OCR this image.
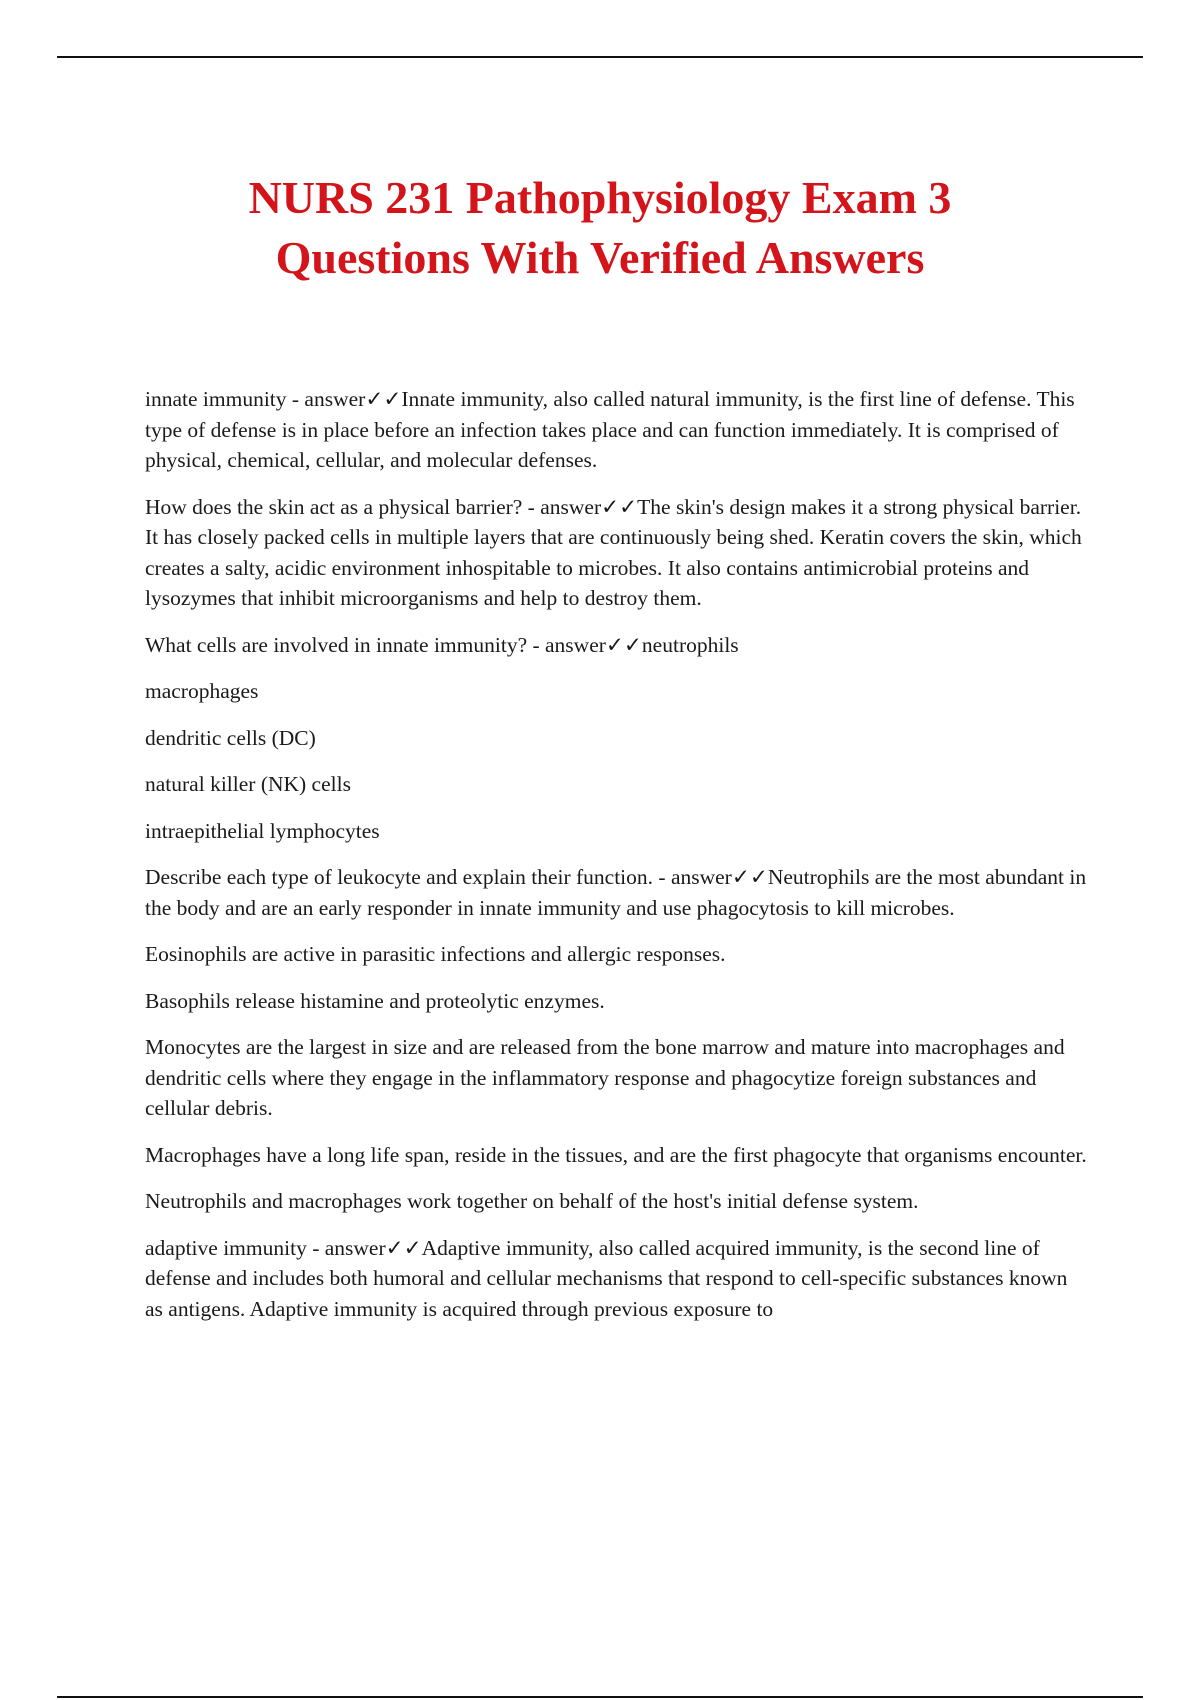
NURS 231 Pathophysiology Exam 3
Questions With Verified Answers

innate immunity - answer✓✓Innate immunity, also called natural immunity, is the first line of defense. This type of defense is in place before an infection takes place and can function immediately. It is comprised of physical, chemical, cellular, and molecular defenses.

How does the skin act as a physical barrier? - answer✓✓The skin's design makes it a strong physical barrier. It has closely packed cells in multiple layers that are continuously being shed. Keratin covers the skin, which creates a salty, acidic environment inhospitable to microbes. It also contains antimicrobial proteins and lysozymes that inhibit microorganisms and help to destroy them.

What cells are involved in innate immunity? - answer✓✓neutrophils

macrophages

dendritic cells (DC)

natural killer (NK) cells

intraepithelial lymphocytes

Describe each type of leukocyte and explain their function. - answer✓✓Neutrophils are the most abundant in the body and are an early responder in innate immunity and use phagocytosis to kill microbes.

Eosinophils are active in parasitic infections and allergic responses.

Basophils release histamine and proteolytic enzymes.

Monocytes are the largest in size and are released from the bone marrow and mature into macrophages and dendritic cells where they engage in the inflammatory response and phagocytize foreign substances and cellular debris.

Macrophages have a long life span, reside in the tissues, and are the first phagocyte that organisms encounter.

Neutrophils and macrophages work together on behalf of the host's initial defense system.

adaptive immunity - answer✓✓Adaptive immunity, also called acquired immunity, is the second line of defense and includes both humoral and cellular mechanisms that respond to cell-specific substances known as antigens. Adaptive immunity is acquired through previous exposure to
